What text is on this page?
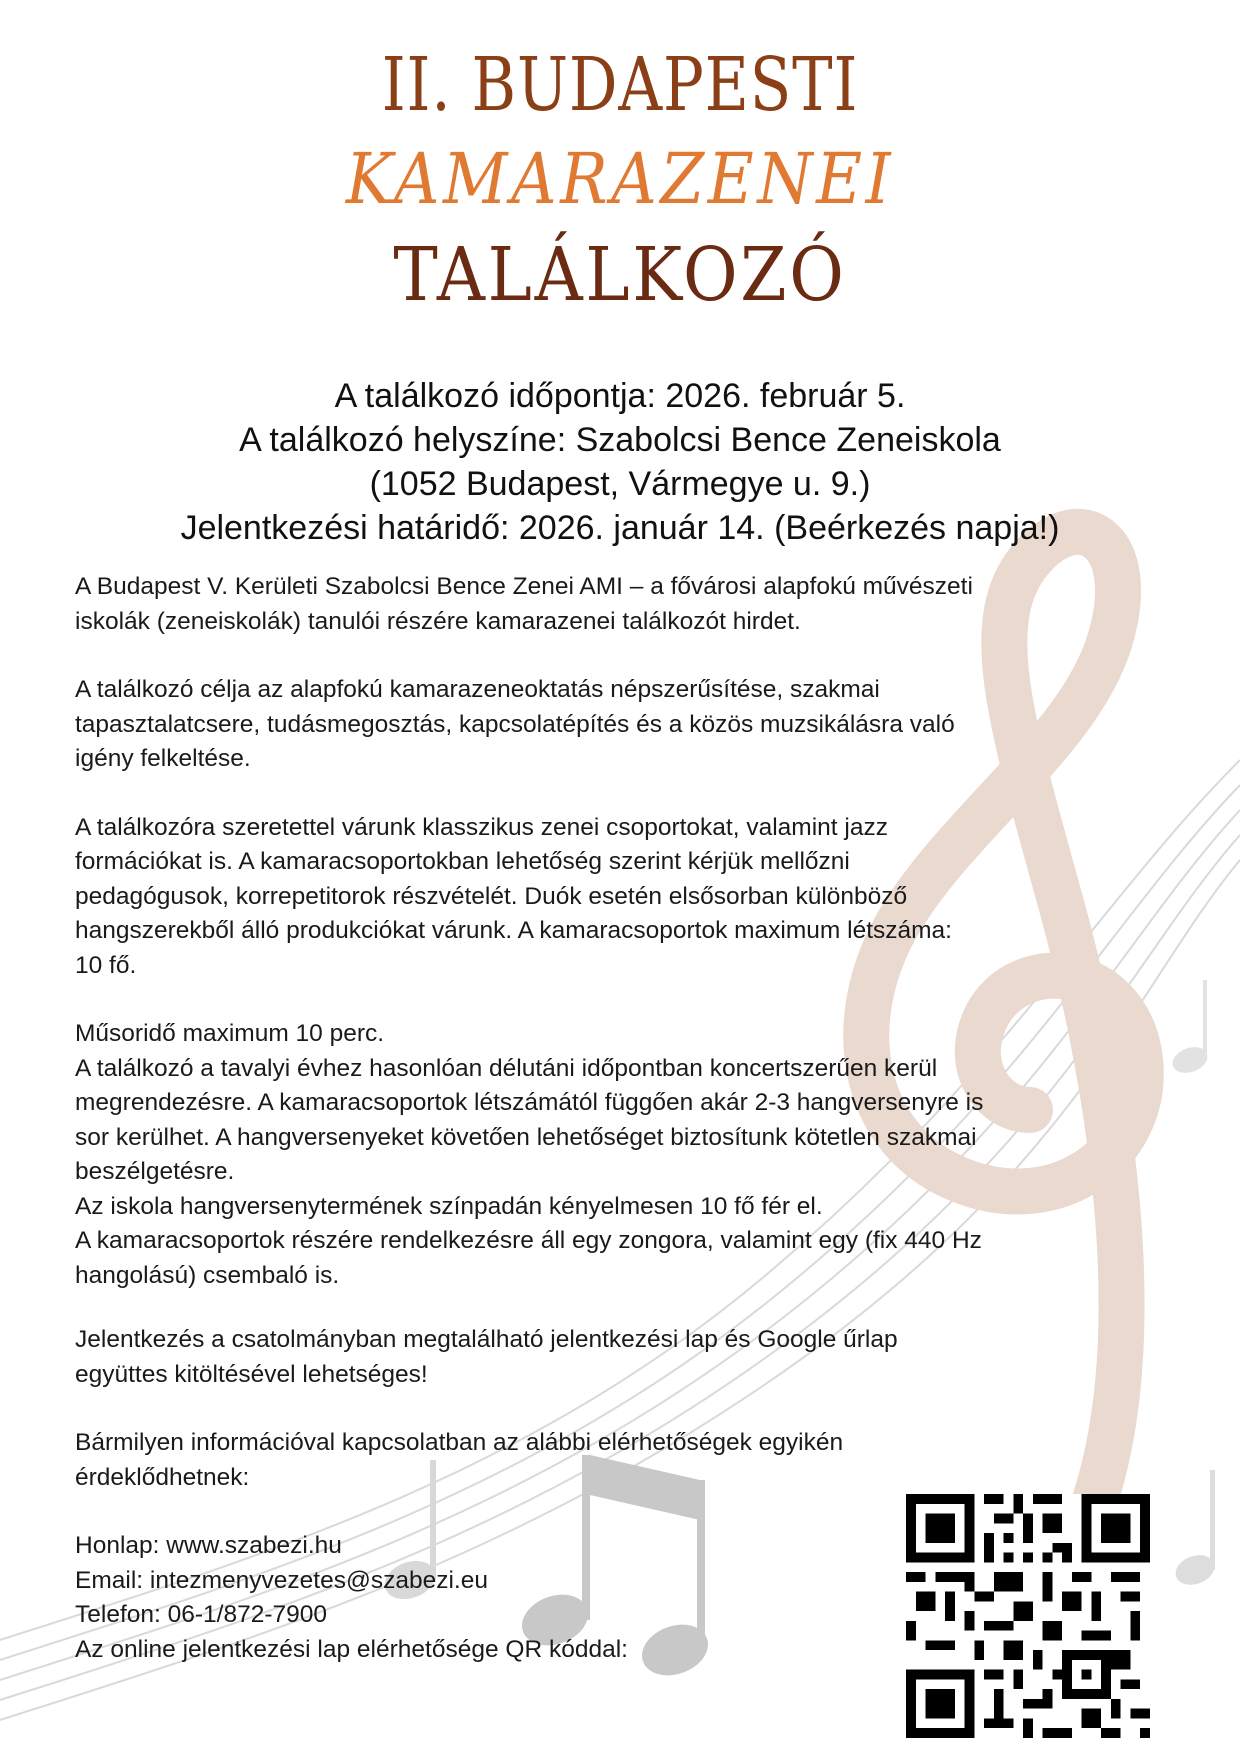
II. BUDAPESTI
KAMARAZENEI
TALÁLKOZÓ
A találkozó időpontja: 2026. február 5.
A találkozó helyszíne: Szabolcsi Bence Zeneiskola
(1052 Budapest, Vármegye u. 9.)
Jelentkezési határidő: 2026. január 14. (Beérkezés napja!)

A Budapest V. Kerületi Szabolcsi Bence Zenei AMI – a fővárosi alapfokú művészeti
iskolák (zeneiskolák) tanulói részére kamarazenei találkozót hirdet.

A találkozó célja az alapfokú kamarazeneoktatás népszerűsítése, szakmai
tapasztalatcsere, tudásmegosztás, kapcsolatépítés és a közös muzsikálásra való
igény felkeltése.

A találkozóra szeretettel várunk klasszikus zenei csoportokat, valamint jazz
formációkat is. A kamaracsoportokban lehetőség szerint kérjük mellőzni
pedagógusok, korrepetitorok részvételét. Duók esetén elsősorban különböző
hangszerekből álló produkciókat várunk. A kamaracsoportok maximum létszáma:
10 fő.

Műsoridő maximum 10 perc.
A találkozó a tavalyi évhez hasonlóan délutáni időpontban koncertszerűen kerül
megrendezésre. A kamaracsoportok létszámától függően akár 2-3 hangversenyre is
sor kerülhet. A hangversenyeket követően lehetőséget biztosítunk kötetlen szakmai
beszélgetésre.
Az iskola hangversenytermének színpadán kényelmesen 10 fő fér el.
A kamaracsoportok részére rendelkezésre áll egy zongora, valamint egy (fix 440 Hz
hangolású) csembaló is.

Jelentkezés a csatolmányban megtalálható jelentkezési lap és Google űrlap
együttes kitöltésével lehetséges!

Bármilyen információval kapcsolatban az alábbi elérhetőségek egyikén
érdeklődhetnek:

Honlap: www.szabezi.hu

Email: intezmenyvezetes@szabezi.eu

Telefon: 06-1/872-7900

Az online jelentkezési lap elérhetősége QR kóddal:
